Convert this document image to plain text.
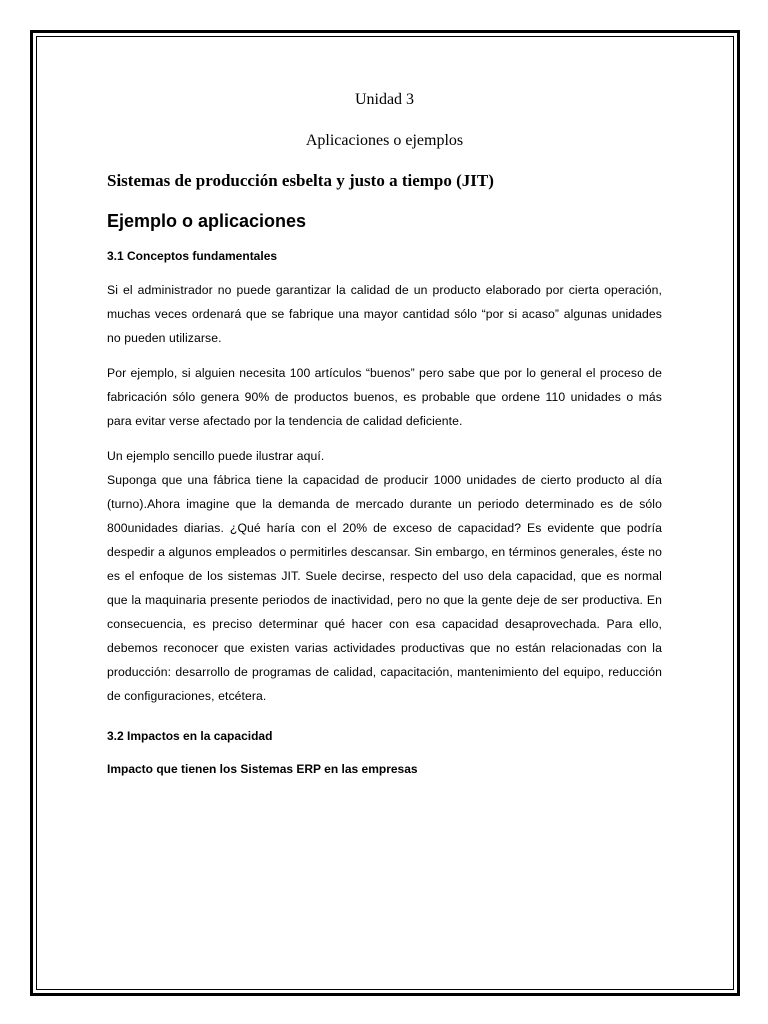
Unidad 3
Aplicaciones o ejemplos
Sistemas de producción esbelta y justo a tiempo (JIT)
Ejemplo o aplicaciones
3.1 Conceptos fundamentales

Si el administrador no puede garantizar la calidad de un producto elaborado por cierta operación, muchas veces ordenará que se fabrique una mayor cantidad sólo “por si acaso” algunas unidades no pueden utilizarse.

Por ejemplo, si alguien necesita 100 artículos “buenos” pero sabe que por lo general el proceso de fabricación sólo genera 90% de productos buenos, es probable que ordene 110 unidades o más para evitar verse afectado por la tendencia de calidad deficiente.

Un ejemplo sencillo puede ilustrar aquí.

Suponga que una fábrica tiene la capacidad de producir 1000 unidades de cierto producto al día (turno).Ahora imagine que la demanda de mercado durante un periodo determinado es de sólo 800unidades diarias. ¿Qué haría con el 20% de exceso de capacidad? Es evidente que podría despedir a algunos empleados o permitirles descansar. Sin embargo, en términos generales, éste no es el enfoque de los sistemas JIT. Suele decirse, respecto del uso dela capacidad, que es normal que la maquinaria presente periodos de inactividad, pero no que la gente deje de ser productiva. En consecuencia, es preciso determinar qué hacer con esa capacidad desaprovechada. Para ello, debemos reconocer que existen varias actividades productivas que no están relacionadas con la producción: desarrollo de programas de calidad, capacitación, mantenimiento del equipo, reducción de configuraciones, etcétera.

3.2 Impactos en la capacidad
Impacto que tienen los Sistemas ERP en las empresas
